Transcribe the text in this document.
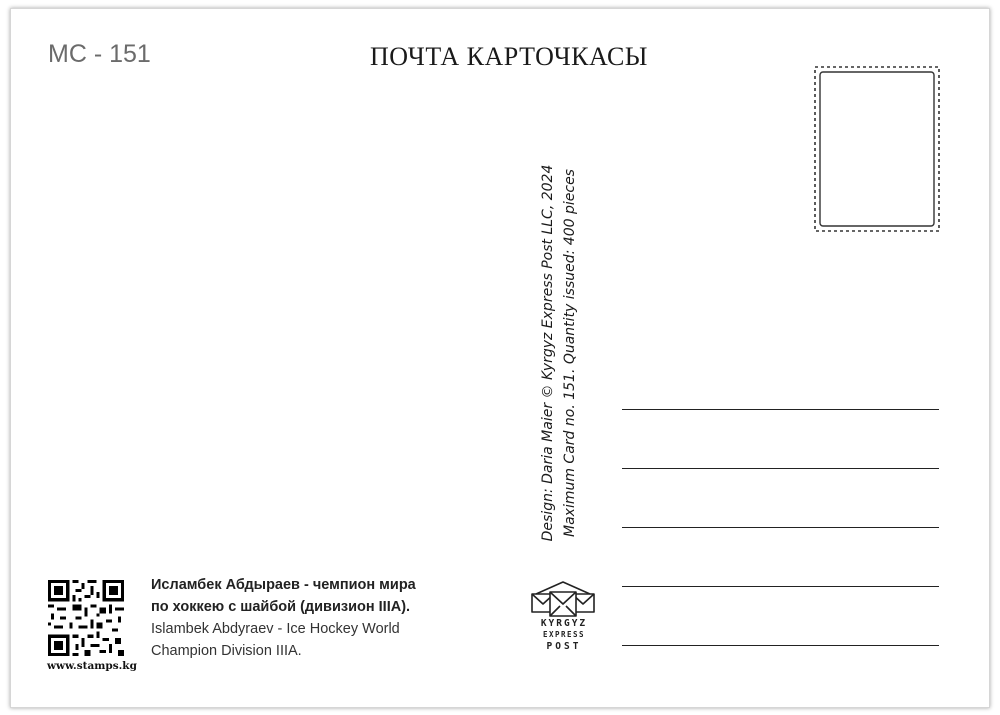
MC - 151	ПОЧТА КАРТОЧКАСЫ
Design: Daria Maier © Kyrgyz Express Post LLC, 2024 Maximum Card no. 151. Quantity issued: 400 pieces
www.stamps.kg
Исламбек Абдыраев - чемпион мира
по хоккею с шайбой (дивизион IIIA).
Islambek Abdyraev - Ice Hockey World
Champion Division IIIA.
KYRGYZ
EXPRESS
POST
